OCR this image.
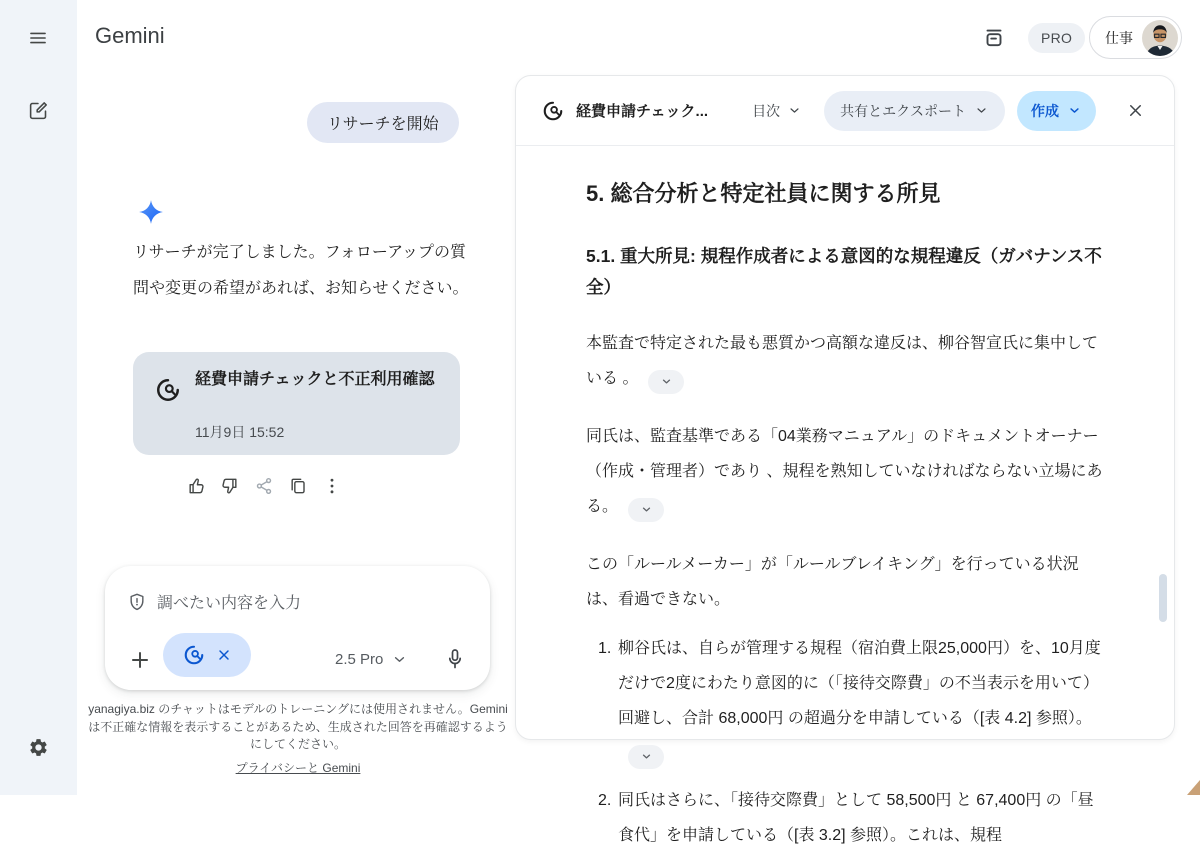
Gemini	PRO	仕事
リサーチを開始
リサーチが完了しました。フォローアップの質問や変更の希望があれば、お知らせください。
経費申請チェックと不正利用確認
11月9日 15:52
調べたい内容を入力
2.5 Pro
yanagiya.biz のチャットはモデルのトレーニングには使用されません。Gemini は不正確な情報を表示することがあるため、生成された回答を再確認するようにしてください。
プライバシーと Gemini
経費申請チェック...	目次	共有とエクスポート	作成
5. 総合分析と特定社員に関する所見
5.1. 重大所見: 規程作成者による意図的な規程違反（ガバナンス不全）
本監査で特定された最も悪質かつ高額な違反は、柳谷智宣氏に集中している 。
同氏は、監査基準である「04業務マニュアル」のドキュメントオーナー（作成・管理者）であり 、規程を熟知していなければならない立場にある。
この「ルールメーカー」が「ルールブレイキング」を行っている状況は、看過できない。
1. 柳谷氏は、自らが管理する規程（宿泊費上限25,000円）を、10月度だけで2度にわたり意図的に（「接待交際費」の不当表示を用いて）回避し、合計 68,000円 の超過分を申請している（[表 4.2] 参照）。
2. 同氏はさらに、「接待交際費」として 58,500円 と 67,400円 の「昼食代」を申請している（[表 3.2] 参照）。これは、規程
